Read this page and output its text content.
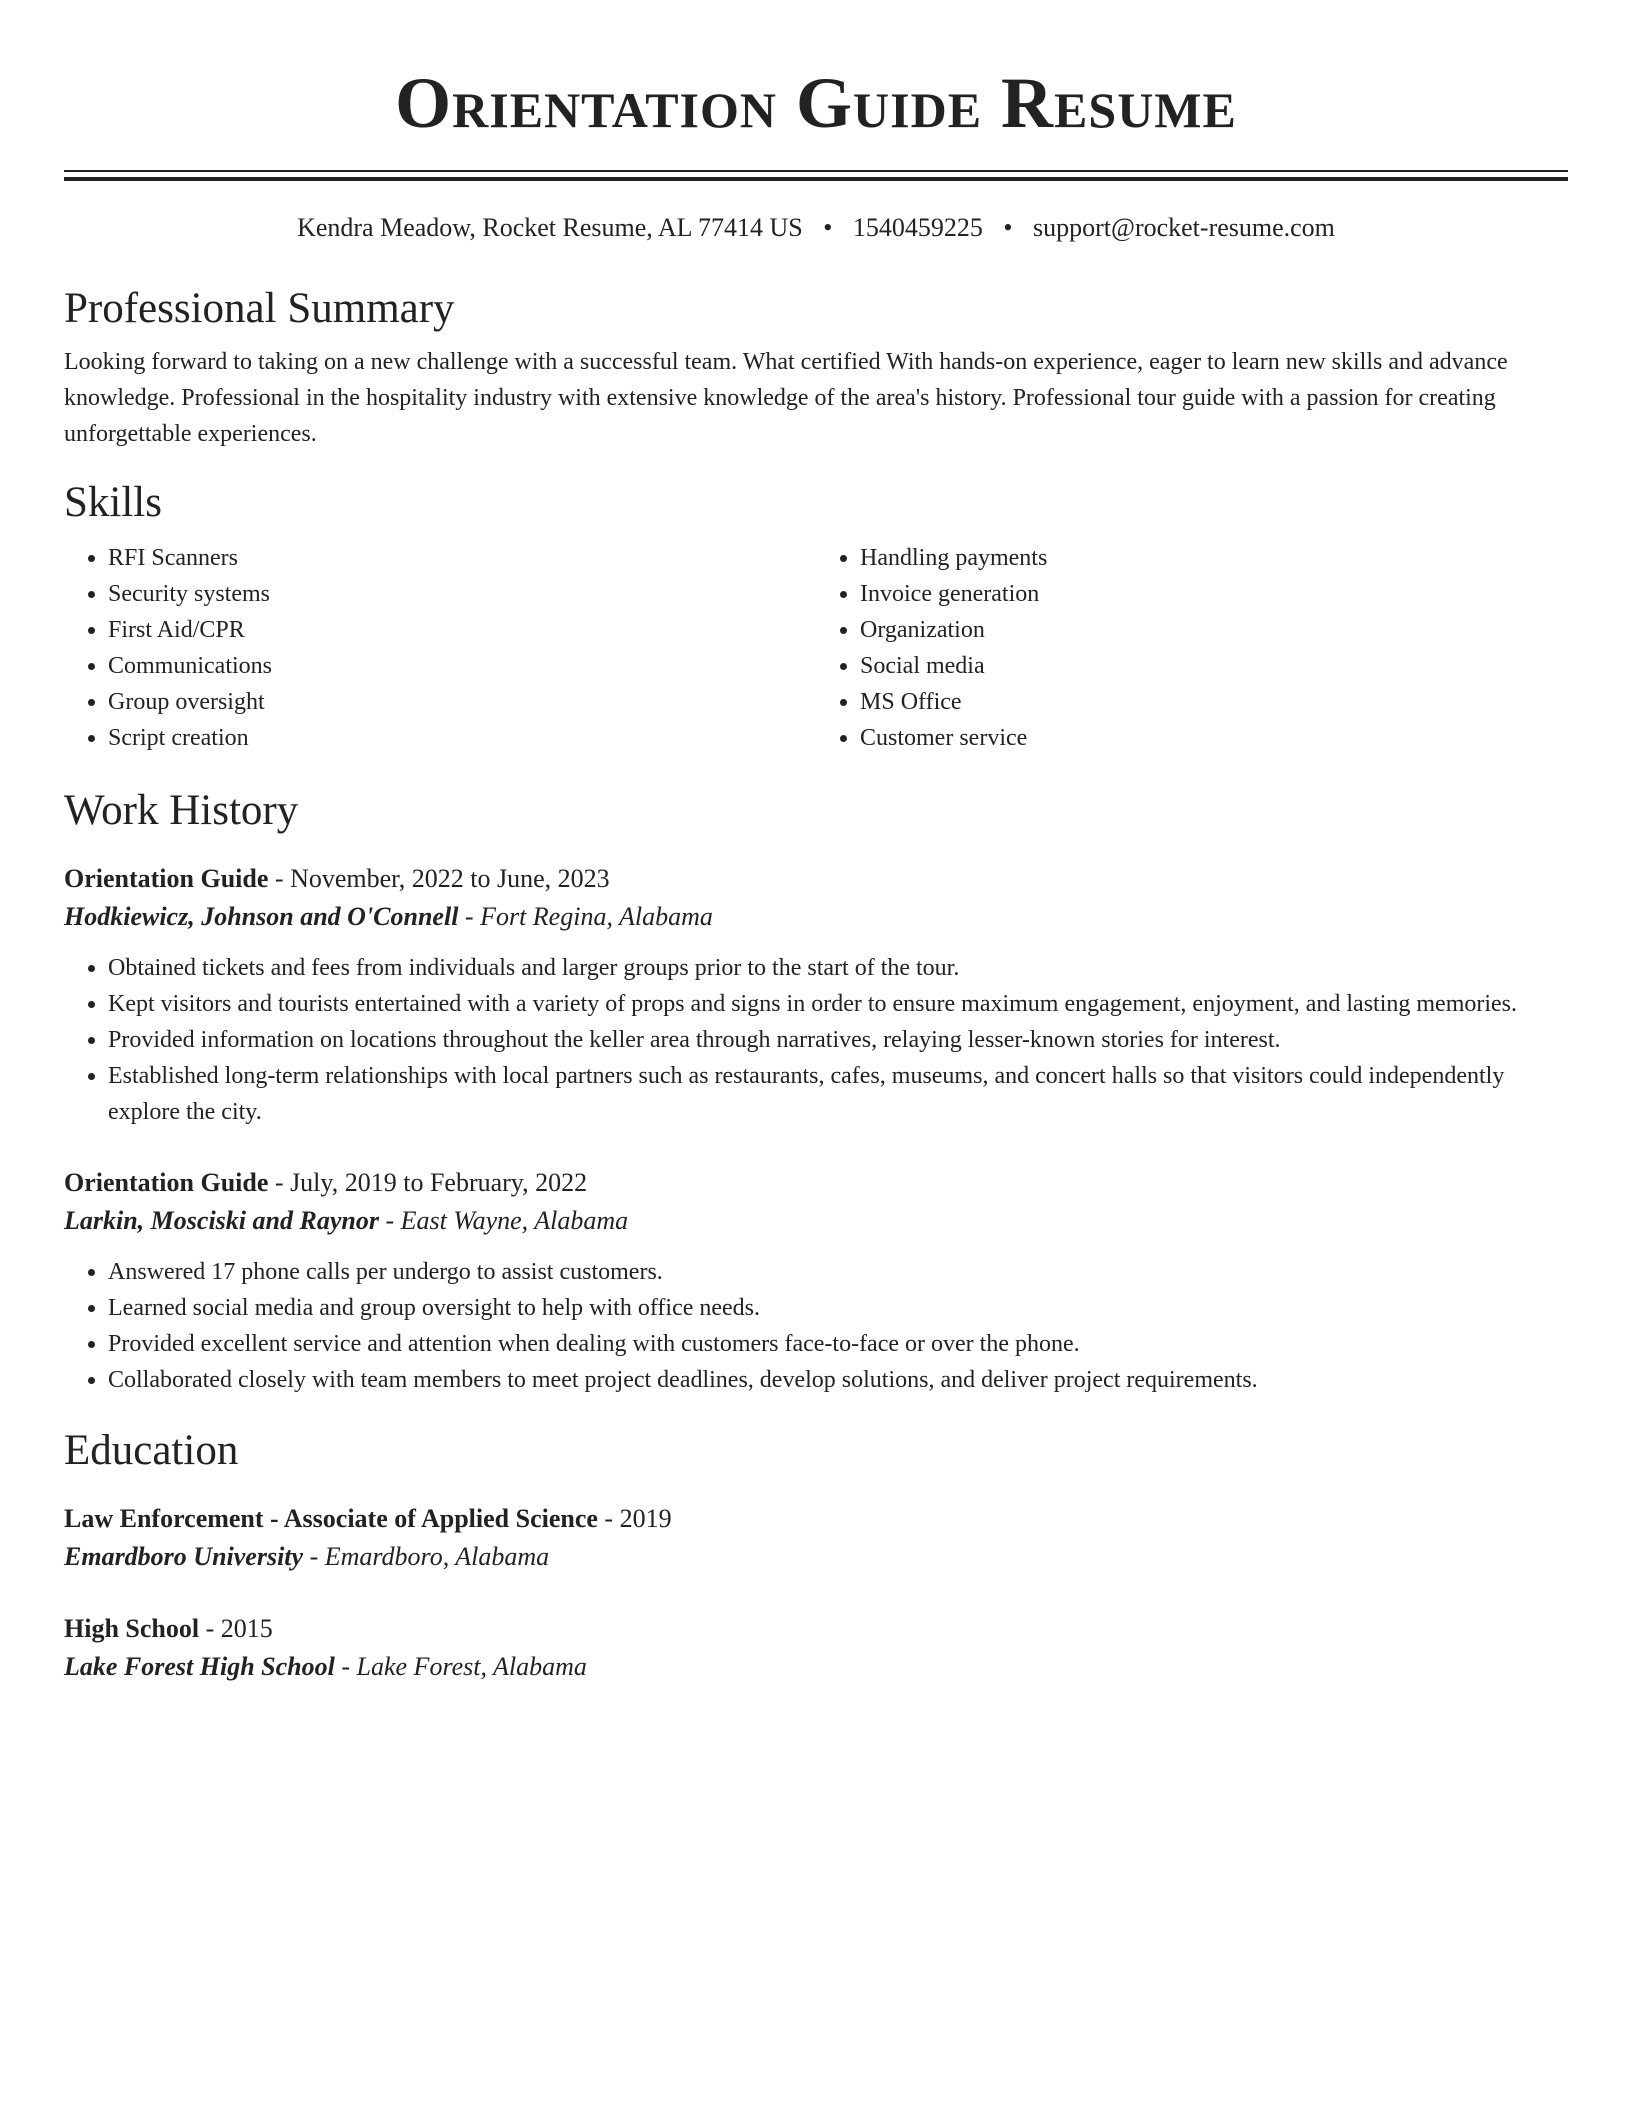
Orientation Guide Resume
Kendra Meadow, Rocket Resume, AL 77414 US • 1540459225 • support@rocket-resume.com
Professional Summary

Looking forward to taking on a new challenge with a successful team. What certified With hands-on experience, eager to learn new skills and advance knowledge. Professional in the hospitality industry with extensive knowledge of the area's history. Professional tour guide with a passion for creating unforgettable experiences.

Skills
• RFI Scanners
• Security systems
• First Aid/CPR
• Communications
• Group oversight
• Script creation
• Handling payments
• Invoice generation
• Organization
• Social media
• MS Office
• Customer service
Work History
Orientation Guide - November, 2022 to June, 2023
Hodkiewicz, Johnson and O'Connell - Fort Regina, Alabama
• Obtained tickets and fees from individuals and larger groups prior to the start of the tour.
• Kept visitors and tourists entertained with a variety of props and signs in order to ensure maximum engagement, enjoyment, and lasting memories.
• Provided information on locations throughout the keller area through narratives, relaying lesser-known stories for interest.
• Established long-term relationships with local partners such as restaurants, cafes, museums, and concert halls so that visitors could independently explore the city.
Orientation Guide - July, 2019 to February, 2022
Larkin, Mosciski and Raynor - East Wayne, Alabama
• Answered 17 phone calls per undergo to assist customers.
• Learned social media and group oversight to help with office needs.
• Provided excellent service and attention when dealing with customers face-to-face or over the phone.
• Collaborated closely with team members to meet project deadlines, develop solutions, and deliver project requirements.
Education
Law Enforcement - Associate of Applied Science - 2019
Emardboro University - Emardboro, Alabama
High School - 2015
Lake Forest High School - Lake Forest, Alabama
